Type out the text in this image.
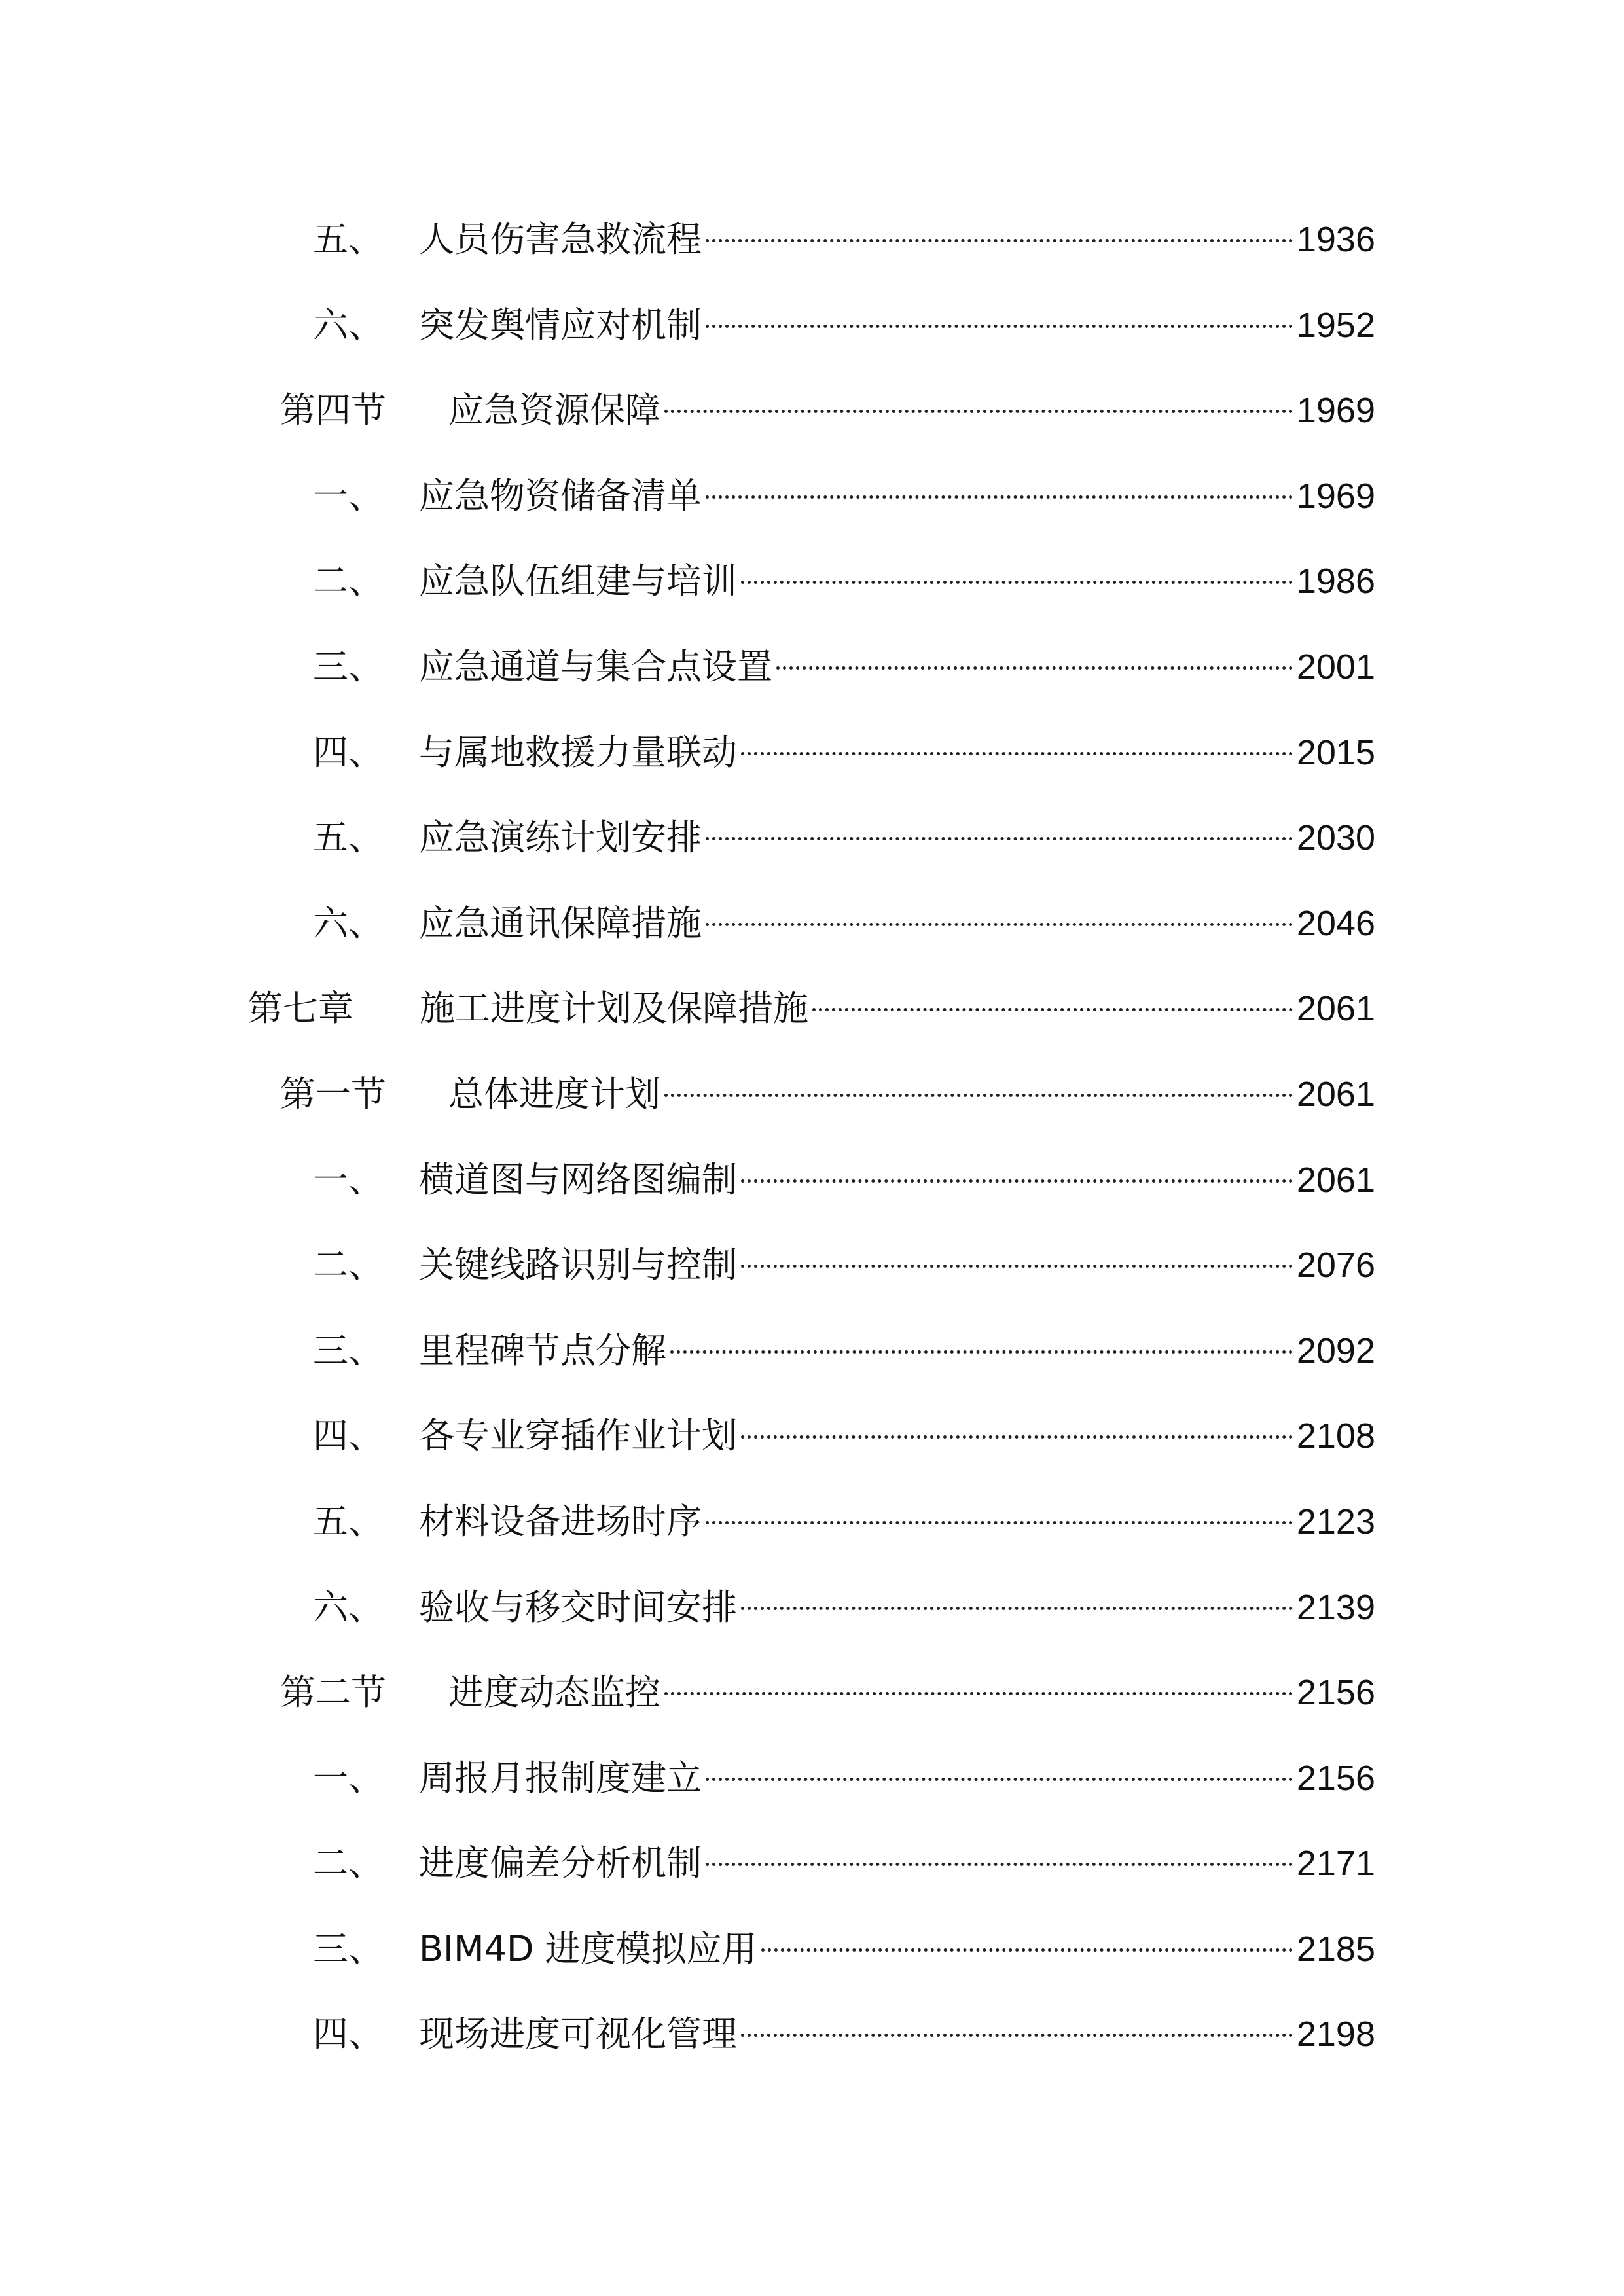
五、 人员伤害急救流程	1936
六、 突发舆情应对机制	1952
第四节 应急资源保障	1969
一、 应急物资储备清单	1969
二、 应急队伍组建与培训	1986
三、 应急通道与集合点设置	2001
四、 与属地救援力量联动	2015
五、 应急演练计划安排	2030
六、 应急通讯保障措施	2046
第七章 施工进度计划及保障措施	2061
第一节 总体进度计划	2061
一、 横道图与网络图编制	2061
二、 关键线路识别与控制	2076
三、 里程碑节点分解	2092
四、 各专业穿插作业计划	2108
五、 材料设备进场时序	2123
六、 验收与移交时间安排	2139
第二节 进度动态监控	2156
一、 周报月报制度建立	2156
二、 进度偏差分析机制	2171
三、 BIM4D 进度模拟应用	2185
四、 现场进度可视化管理	2198
